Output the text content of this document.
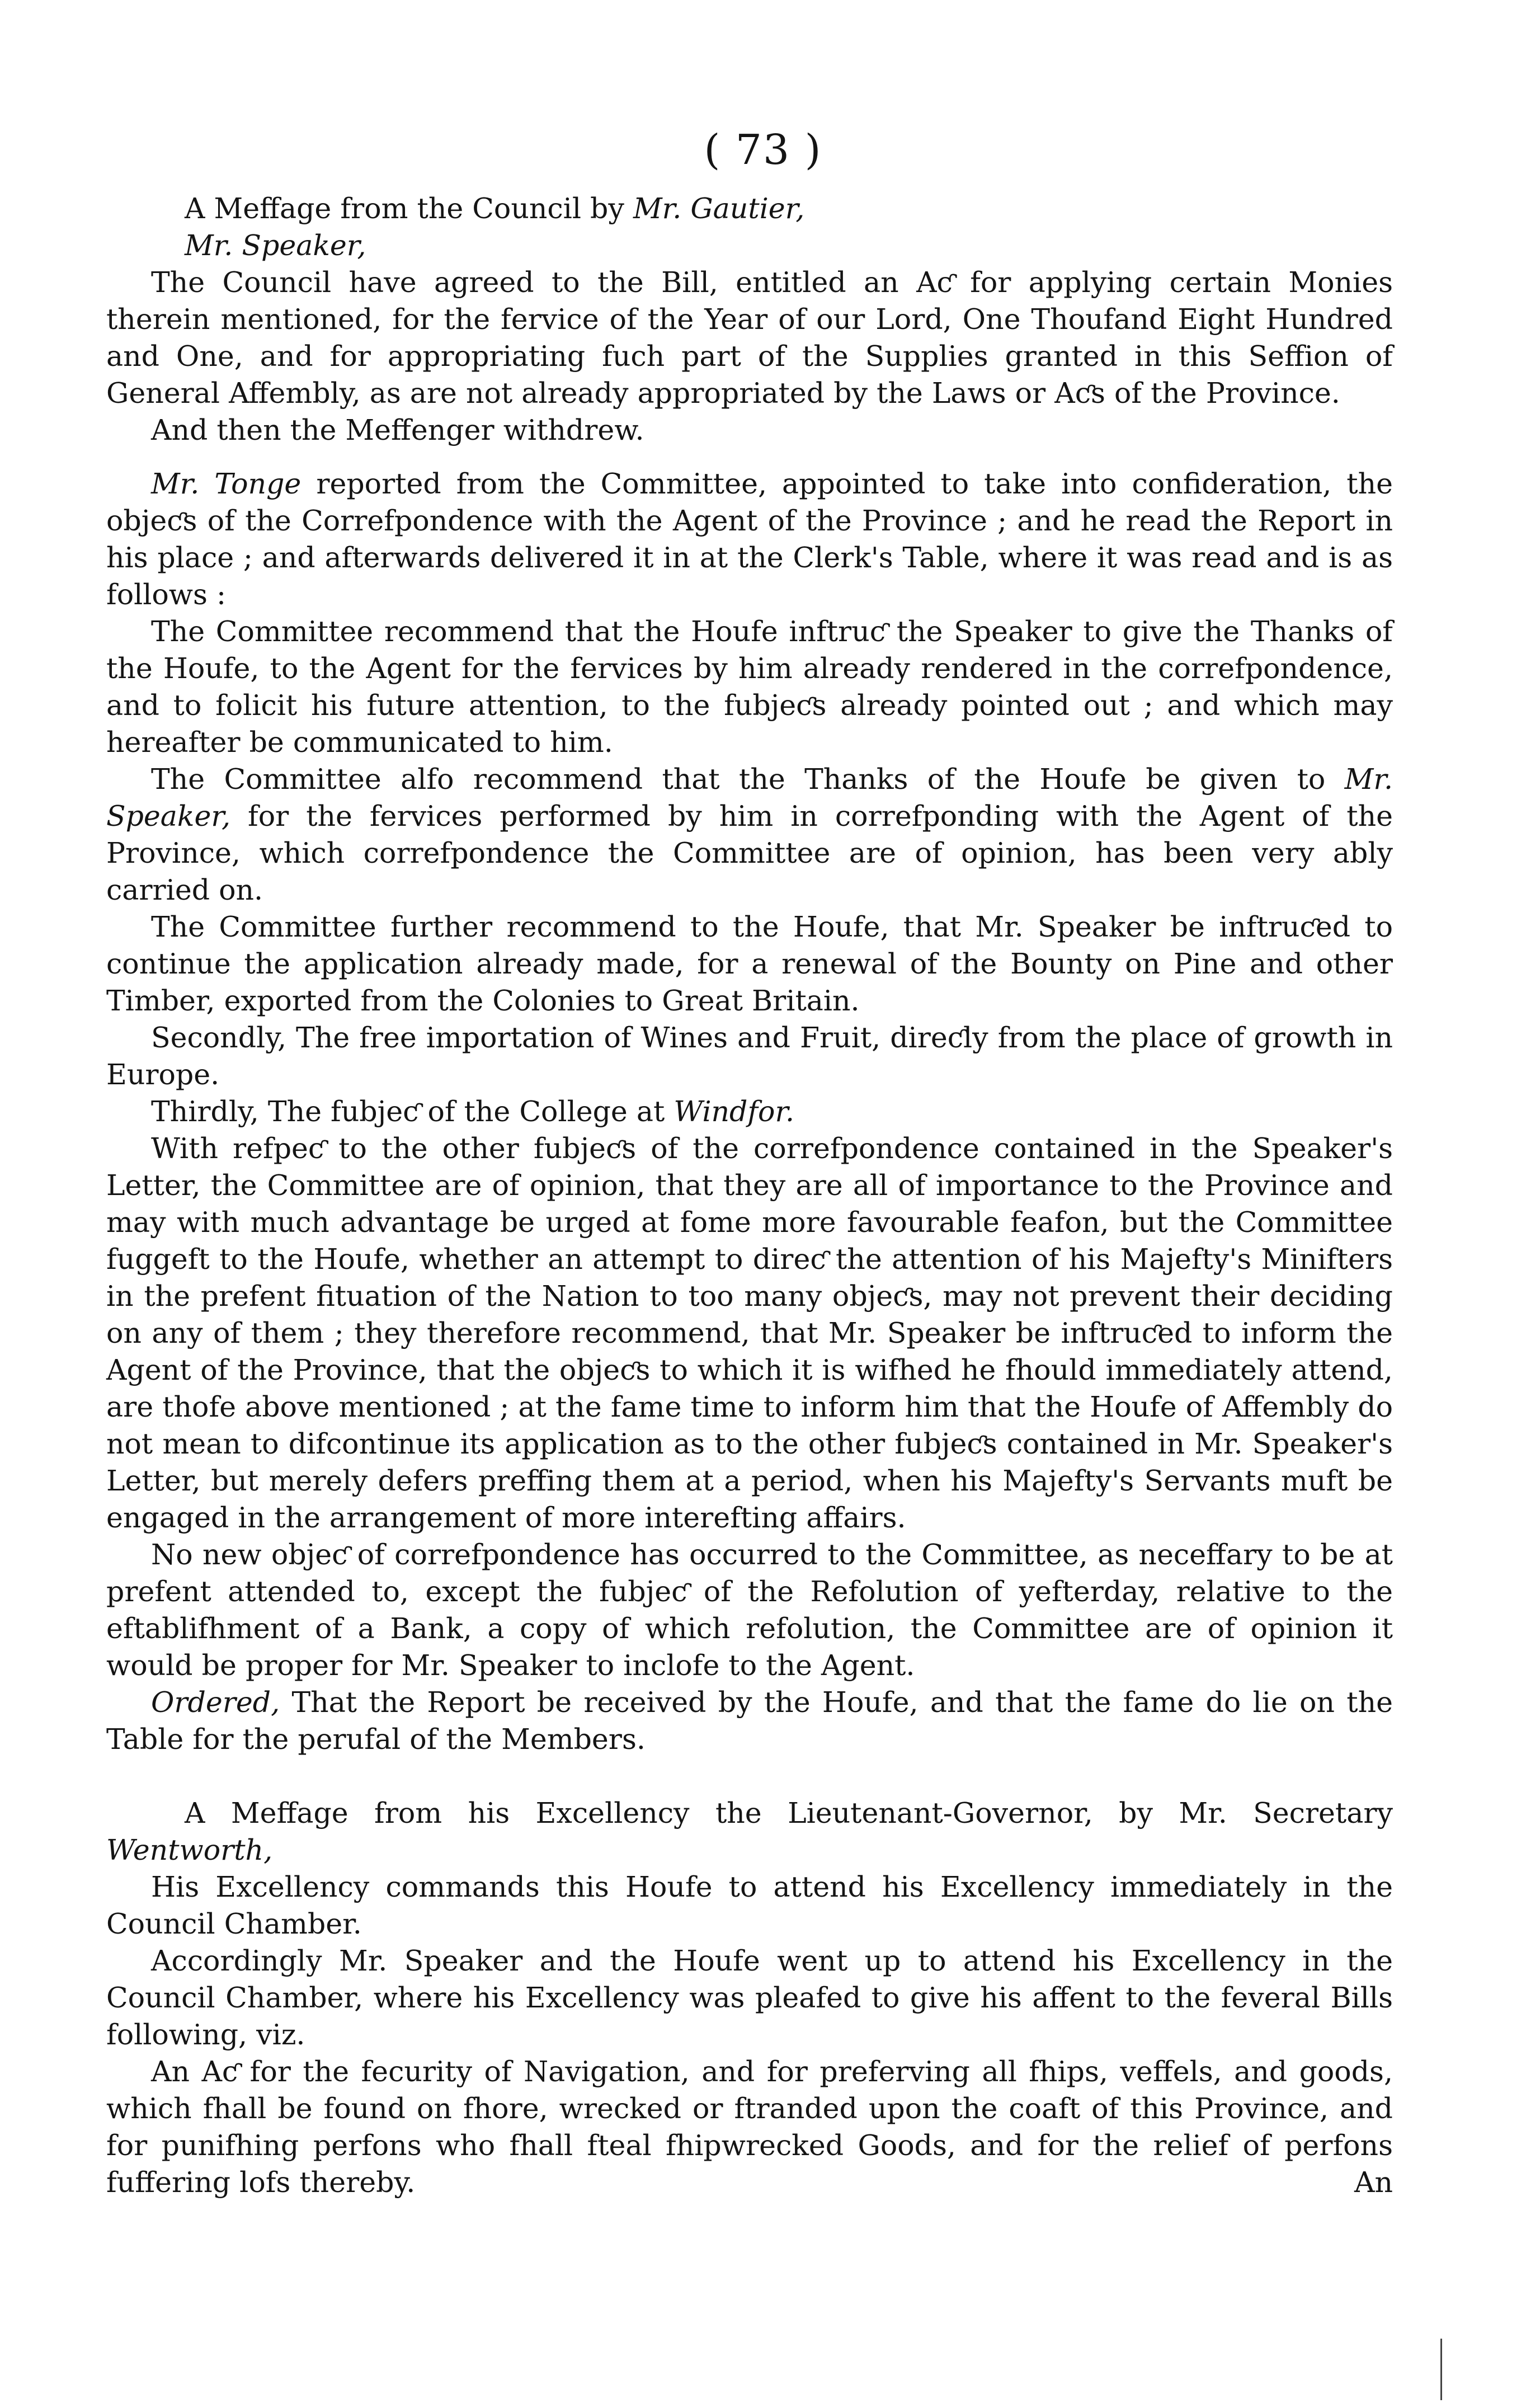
( 73 )

A Meffage from the Council by Mr. Gautier,

Mr. Speaker,

The Council have agreed to the Bill, entitled an Aƈ for applying certain Monies therein mentioned, for the fervice of the Year of our Lord, One Thoufand Eight Hundred and One, and for appropriating fuch part of the Supplies granted in this Seffion of General Affembly, as are not already appropriated by the Laws or Aƈs of the Province.

And then the Meffenger withdrew.

Mr. Tonge reported from the Committee, appointed to take into confideration, the objeƈs of the Correfpondence with the Agent of the Province ; and he read the Report in his place ; and afterwards delivered it in at the Clerk's Table, where it was read and is as follows :

The Committee recommend that the Houfe inftruƈ the Speaker to give the Thanks of the Houfe, to the Agent for the fervices by him already rendered in the correfpondence, and to folicit his future attention, to the fubjeƈs already pointed out ; and which may hereafter be communicated to him.

The Committee alfo recommend that the Thanks of the Houfe be given to Mr. Speaker, for the fervices performed by him in correfponding with the Agent of the Province, which correfpondence the Committee are of opinion, has been very ably carried on.

The Committee further recommend to the Houfe, that Mr. Speaker be inftruƈed to continue the application already made, for a renewal of the Bounty on Pine and other Timber, exported from the Colonies to Great Britain.

Secondly, The free importation of Wines and Fruit, direƈly from the place of growth in Europe.

Thirdly, The fubjeƈ of the College at Windfor.

With refpeƈ to the other fubjeƈs of the correfpondence contained in the Speaker's Letter, the Committee are of opinion, that they are all of importance to the Province and may with much advantage be urged at fome more favourable feafon, but the Committee fuggeft to the Houfe, whether an attempt to direƈ the attention of his Majefty's Minifters in the prefent fituation of the Nation to too many objeƈs, may not prevent their deciding on any of them ; they therefore recommend, that Mr. Speaker be inftruƈed to inform the Agent of the Province, that the objeƈs to which it is wifhed he fhould immediately attend, are thofe above mentioned ; at the fame time to inform him that the Houfe of Affembly do not mean to difcontinue its application as to the other fubjeƈs contained in Mr. Speaker's Letter, but merely defers preffing them at a period, when his Majefty's Servants muft be engaged in the arrangement of more interefting affairs.

No new objeƈ of correfpondence has occurred to the Committee, as neceffary to be at prefent attended to, except the fubjeƈ of the Refolution of yefterday, relative to the eftablifhment of a Bank, a copy of which refolution, the Committee are of opinion it would be proper for Mr. Speaker to inclofe to the Agent.

Ordered, That the Report be received by the Houfe, and that the fame do lie on the Table for the perufal of the Members.

A Meffage from his Excellency the Lieutenant-Governor, by Mr. Secretary Wentworth,

His Excellency commands this Houfe to attend his Excellency immediately in the Council Chamber.

Accordingly Mr. Speaker and the Houfe went up to attend his Excellency in the Council Chamber, where his Excellency was pleafed to give his affent to the feveral Bills following, viz.

An Aƈ for the fecurity of Navigation, and for preferving all fhips, veffels, and goods, which fhall be found on fhore, wrecked or ftranded upon the coaft of this Province, and for punifhing perfons who fhall fteal fhipwrecked Goods, and for the relief of perfons fuffering lofs thereby.	An
